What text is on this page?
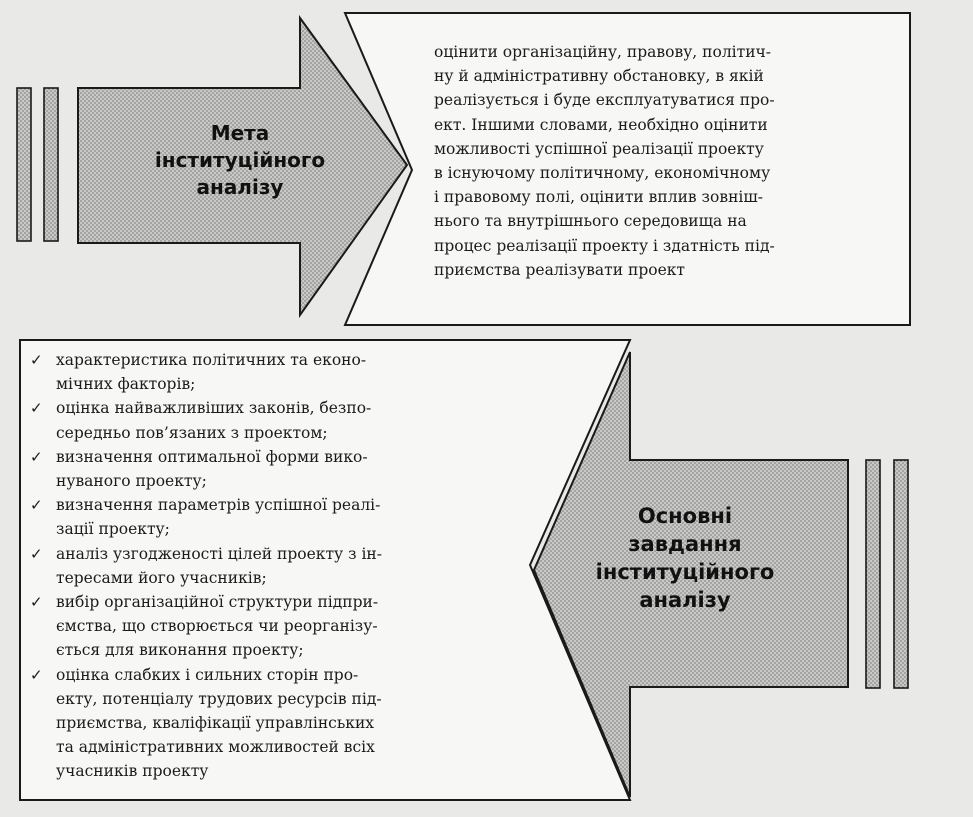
Мета
інституційного
аналізу
оцінити організаційну, правову, політич-
ну й адміністративну обстановку, в якій
реалізується і буде експлуатуватися про-
ект. Іншими словами, необхідно оцінити
можливості успішної реалізації проекту
в існуючому політичному, економічному
і правовому полі, оцінити вплив зовніш-
нього та внутрішнього середовища на
процес реалізації проекту і здатність під-
приємства реалізувати проект
✓ характеристика політичних та еконо-
мічних факторів;
✓ оцінка найважливіших законів, безпо-
середньо пов’язаних з проектом;
✓ визначення оптимальної форми вико-
нуваного проекту;
✓ визначення параметрів успішної реалі-
зації проекту;
✓ аналіз узгодженості цілей проекту з ін-
тересами його учасників;
✓ вибір організаційної структури підпри-
ємства, що створюється чи реорганізу-
ється для виконання проекту;
✓ оцінка слабких і сильних сторін про-
екту, потенціалу трудових ресурсів під-
приємства, кваліфікації управлінських
та адміністративних можливостей всіх
учасників проекту
Основні
завдання
інституційного
аналізу
